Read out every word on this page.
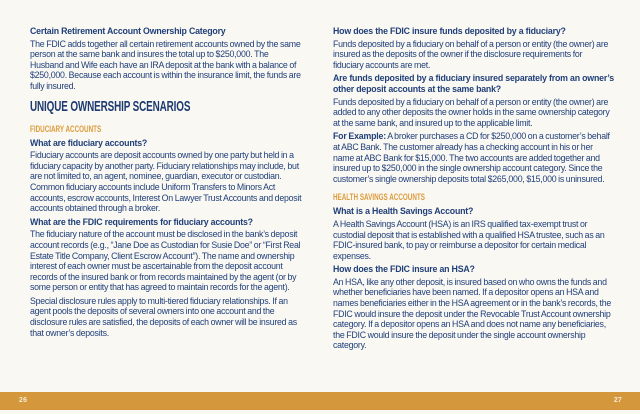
Certain Retirement Account Ownership Category

The FDIC adds together all certain retirement accounts owned by the same person at the same bank and insures the total up to $250,000. The Husband and Wife each have an IRA deposit at the bank with a balance of $250,000. Because each account is within the insurance limit, the funds are fully insured.

UNIQUE OWNERSHIP SCENARIOS
FIDUCIARY ACCOUNTS

What are fiduciary accounts?

Fiduciary accounts are deposit accounts owned by one party but held in a fiduciary capacity by another party. Fiduciary relationships may include, but are not limited to, an agent, nominee, guardian, executor or custodian. Common fiduciary accounts include Uniform Transfers to Minors Act accounts, escrow accounts, Interest On Lawyer Trust Accounts and deposit accounts obtained through a broker.

What are the FDIC requirements for fiduciary accounts?

The fiduciary nature of the account must be disclosed in the bank’s deposit account records (e.g., “Jane Doe as Custodian for Susie Doe” or “First Real Estate Title Company, Client Escrow Account”). The name and ownership interest of each owner must be ascertainable from the deposit account records of the insured bank or from records maintained by the agent (or by some person or entity that has agreed to maintain records for the agent).

Special disclosure rules apply to multi-tiered fiduciary relationships. If an agent pools the deposits of several owners into one account and the disclosure rules are satisfied, the deposits of each owner will be insured as that owner’s deposits.

How does the FDIC insure funds deposited by a fiduciary?

Funds deposited by a fiduciary on behalf of a person or entity (the owner) are insured as the deposits of the owner if the disclosure requirements for fiduciary accounts are met.

Are funds deposited by a fiduciary insured separately from an owner’s other deposit accounts at the same bank?

Funds deposited by a fiduciary on behalf of a person or entity (the owner) are added to any other deposits the owner holds in the same ownership category at the same bank, and insured up to the applicable limit.

For Example: A broker purchases a CD for $250,000 on a customer’s behalf at ABC Bank. The customer already has a checking account in his or her name at ABC Bank for $15,000. The two accounts are added together and insured up to $250,000 in the single ownership account category. Since the customer’s single ownership deposits total $265,000, $15,000 is uninsured.

HEALTH SAVINGS ACCOUNTS

What is a Health Savings Account?

A Health Savings Account (HSA) is an IRS qualified tax-exempt trust or custodial deposit that is established with a qualified HSA trustee, such as an FDIC-insured bank, to pay or reimburse a depositor for certain medical expenses.

How does the FDIC insure an HSA?

An HSA, like any other deposit, is insured based on who owns the funds and whether beneficiaries have been named. If a depositor opens an HSA and names beneficiaries either in the HSA agreement or in the bank’s records, the FDIC would insure the deposit under the Revocable Trust Account ownership category. If a depositor opens an HSA and does not name any beneficiaries, the FDIC would insure the deposit under the single account ownership category.

26	27
